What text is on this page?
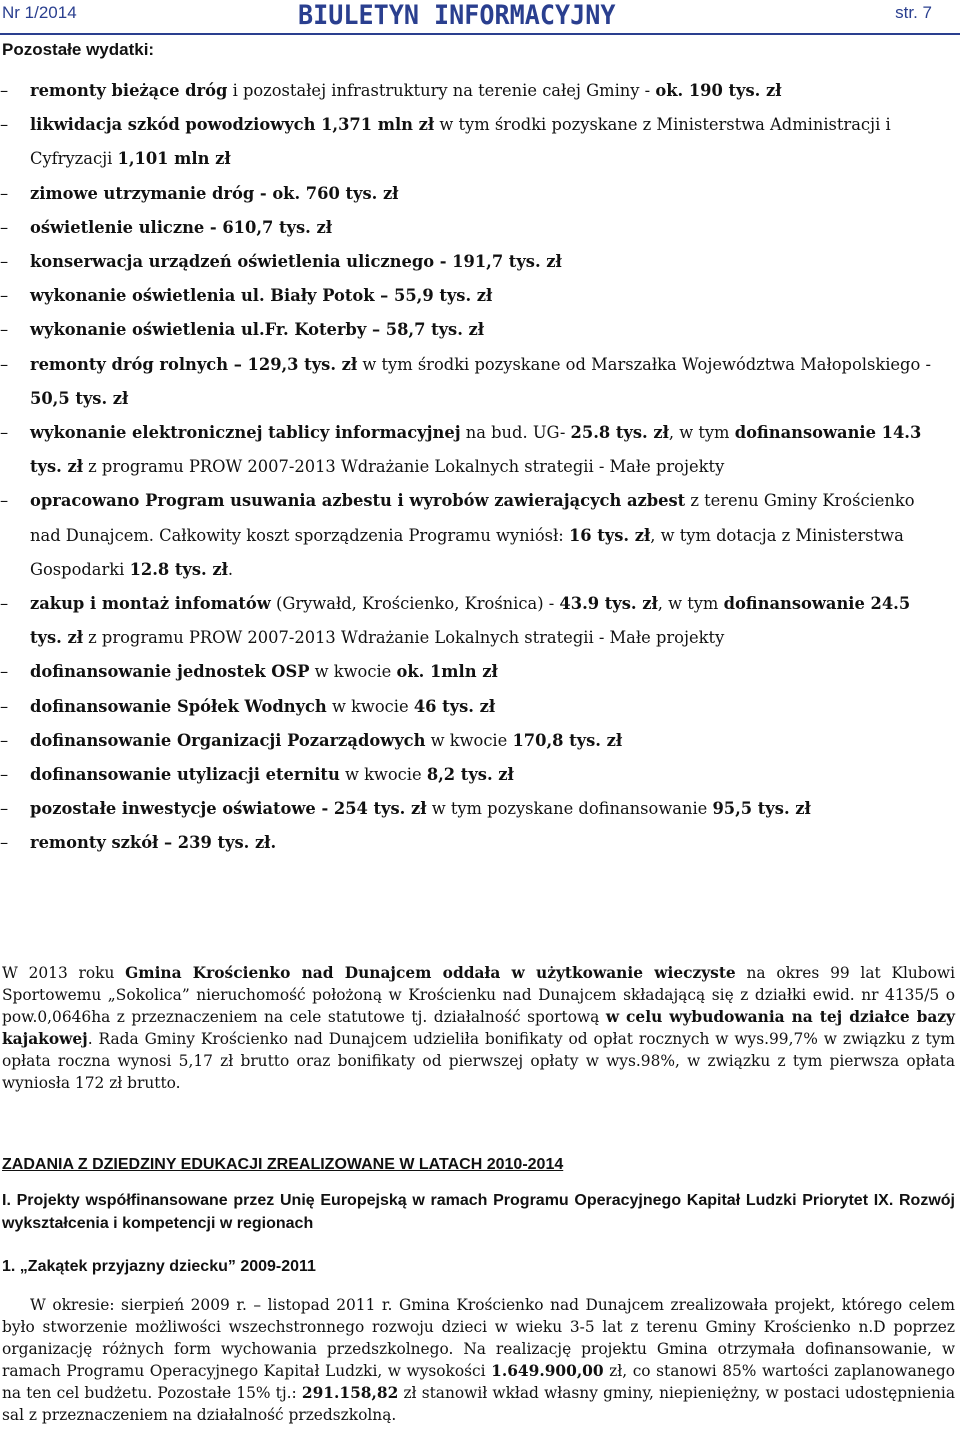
Nr 1/2014	BIULETYN INFORMACYJNY	str. 7
Pozostałe wydatki:
– remonty bieżące dróg i pozostałej infrastruktury na terenie całej Gminy - ok. 190 tys. zł
– likwidacja szkód powodziowych 1,371 mln zł w tym środki pozyskane z Ministerstwa Administracji i Cyfryzacji 1,101 mln zł
– zimowe utrzymanie dróg - ok. 760 tys. zł
– oświetlenie uliczne - 610,7 tys. zł
– konserwacja urządzeń oświetlenia ulicznego - 191,7 tys. zł
– wykonanie oświetlenia ul. Biały Potok – 55,9 tys. zł
– wykonanie oświetlenia ul.Fr. Koterby – 58,7 tys. zł
– remonty dróg rolnych – 129,3 tys. zł w tym środki pozyskane od Marszałka Województwa Małopolskiego - 50,5 tys. zł
– wykonanie elektronicznej tablicy informacyjnej na bud. UG- 25.8 tys. zł, w tym dofinansowanie 14.3 tys. zł z programu PROW 2007-2013 Wdrażanie Lokalnych strategii - Małe projekty
– opracowano Program usuwania azbestu i wyrobów zawierających azbest z terenu Gminy Krościenko nad Dunajcem. Całkowity koszt sporządzenia Programu wyniósł: 16 tys. zł, w tym dotacja z Ministerstwa Gospodarki 12.8 tys. zł.
– zakup i montaż infomatów (Grywałd, Krościenko, Krośnica) - 43.9 tys. zł, w tym dofinansowanie 24.5 tys. zł z programu PROW 2007-2013 Wdrażanie Lokalnych strategii - Małe projekty
– dofinansowanie jednostek OSP w kwocie ok. 1mln zł
– dofinansowanie Spółek Wodnych w kwocie 46 tys. zł
– dofinansowanie Organizacji Pozarządowych w kwocie 170,8 tys. zł
– dofinansowanie utylizacji eternitu w kwocie 8,2 tys. zł
– pozostałe inwestycje oświatowe - 254 tys. zł w tym pozyskane dofinansowanie 95,5 tys. zł
– remonty szkół – 239 tys. zł.

W 2013 roku Gmina Krościenko nad Dunajcem oddała w użytkowanie wieczyste na okres 99 lat Klubowi Sportowemu „Sokolica” nieruchomość położoną w Krościenku nad Dunajcem składającą się z działki ewid. nr 4135/5 o pow.0,0646ha z przeznaczeniem na cele statutowe tj. działalność sportową w celu wybudowania na tej działce bazy kajakowej. Rada Gminy Krościenko nad Dunajcem udzieliła bonifikaty od opłat rocznych w wys.99,7% w związku z tym opłata roczna wynosi 5,17 zł brutto oraz bonifikaty od pierwszej opłaty w wys.98%, w związku z tym pierwsza opłata wyniosła 172 zł brutto.

ZADANIA Z DZIEDZINY EDUKACJI ZREALIZOWANE W LATACH 2010-2014
I. Projekty współfinansowane przez Unię Europejską w ramach Programu Operacyjnego Kapitał Ludzki Priorytet IX. Rozwój wykształcenia i kompetencji w regionach
1. „Zakątek przyjazny dziecku” 2009-2011

W okresie: sierpień 2009 r. – listopad 2011 r. Gmina Krościenko nad Dunajcem zrealizowała projekt, którego celem było stworzenie możliwości wszechstronnego rozwoju dzieci w wieku 3-5 lat z terenu Gminy Krościenko n.D poprzez organizację różnych form wychowania przedszkolnego. Na realizację projektu Gmina otrzymała dofinansowanie, w ramach Programu Operacyjnego Kapitał Ludzki, w wysokości 1.649.900,00 zł, co stanowi 85% wartości zaplanowanego na ten cel budżetu. Pozostałe 15% tj.: 291.158,82 zł stanowił wkład własny gminy, niepieniężny, w postaci udostępnienia sal z przeznaczeniem na działalność przedszkolną.
